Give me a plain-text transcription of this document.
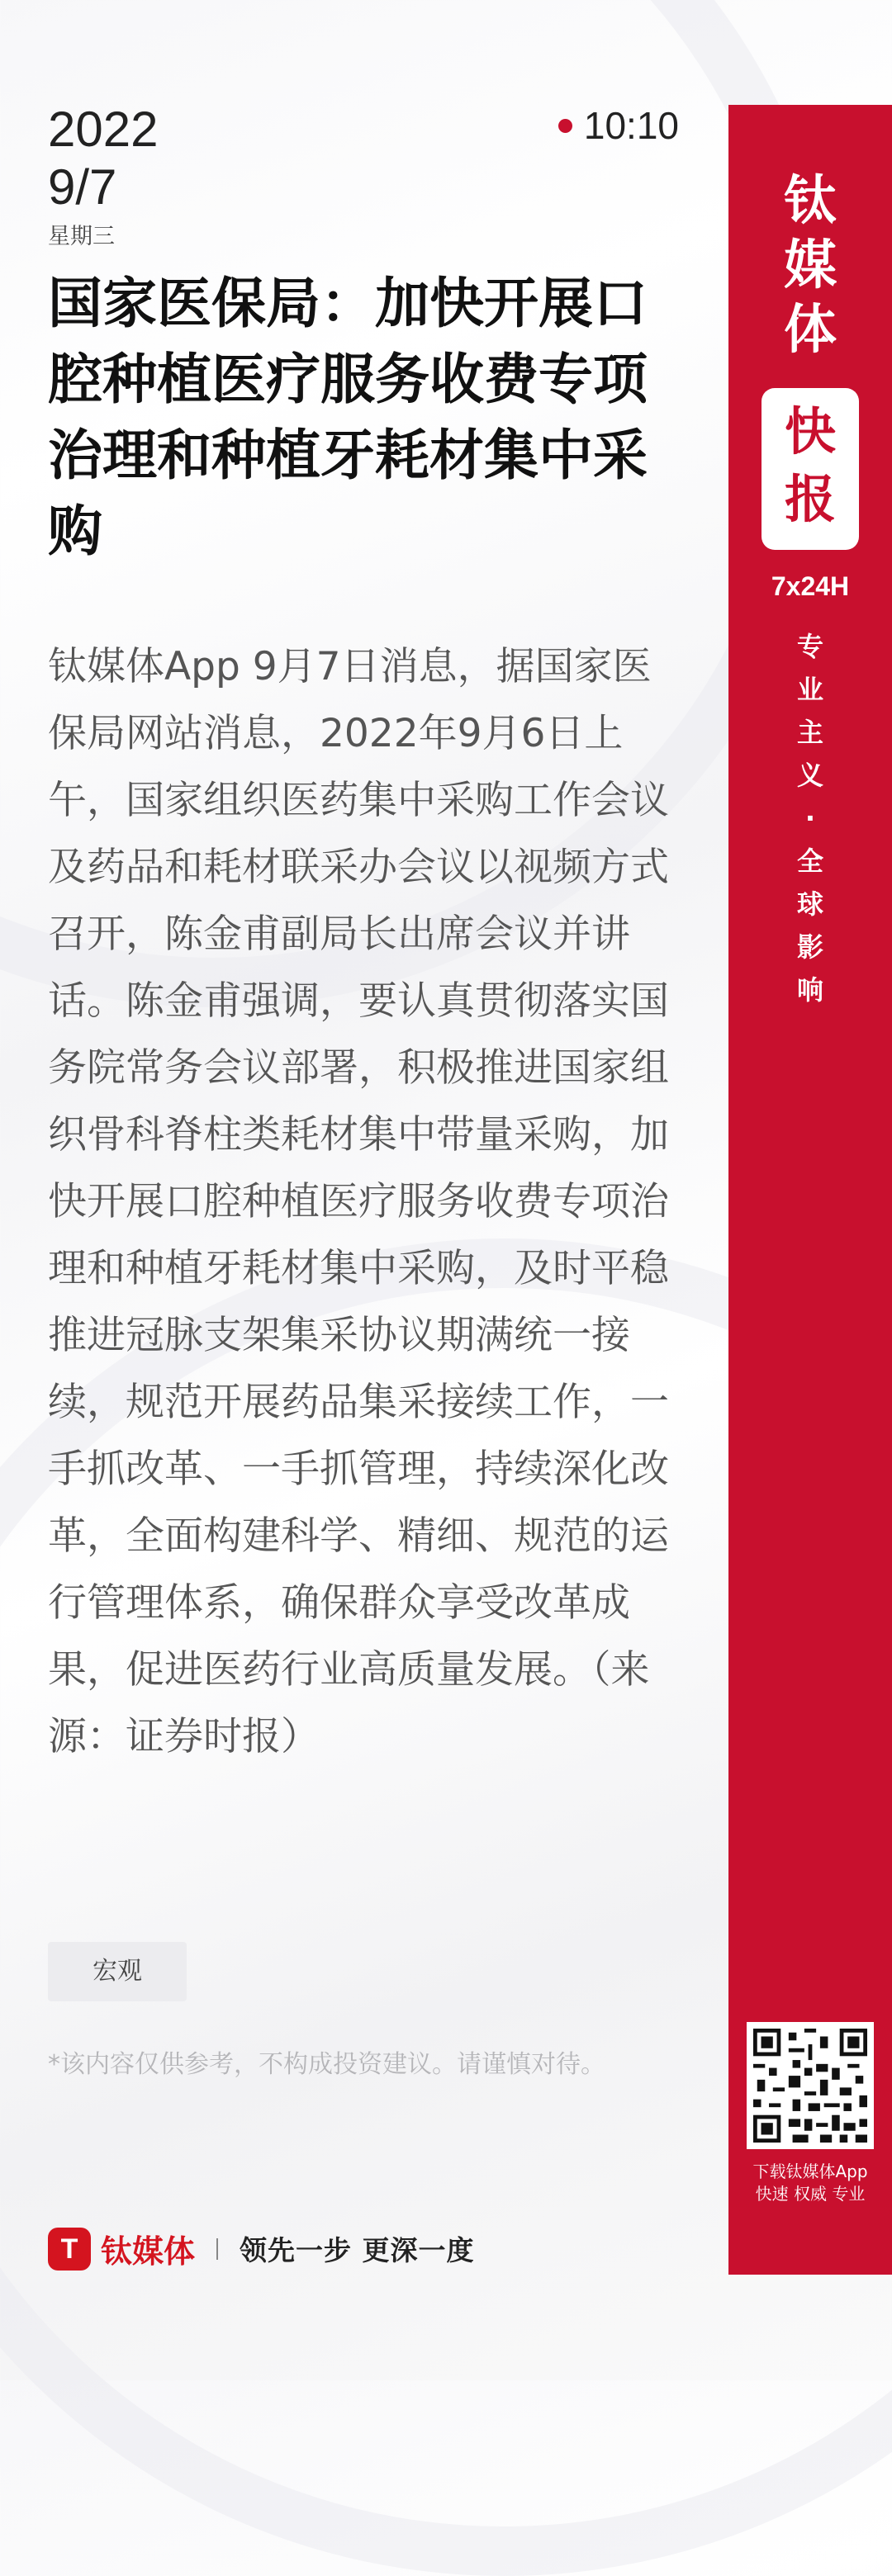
2022
9/7
星期三
10:10
国家医保局：加快开展口腔种植医疗服务收费专项治理和种植牙耗材集中采购

钛媒体App 9月7日消息，据国家医保局网站消息，2022年9月6日上午，国家组织医药集中采购工作会议及药品和耗材联采办会议以视频方式召开，陈金甫副局长出席会议并讲话。陈金甫强调，要认真贯彻落实国务院常务会议部署，积极推进国家组织骨科脊柱类耗材集中带量采购，加快开展口腔种植医疗服务收费专项治理和种植牙耗材集中采购，及时平稳推进冠脉支架集采协议期满统一接续，规范开展药品集采接续工作，一手抓改革、一手抓管理，持续深化改革，全面构建科学、精细、规范的运行管理体系，确保群众享受改革成果，促进医药行业高质量发展。（来源：证券时报）

宏观
*该内容仅供参考，不构成投资建议。请谨慎对待。
T 钛媒体 领先一步 更深一度
钛
媒
体
快
报
7x24H
专
业
主
义
·
全
球
影
响
下载钛媒体App
快速 权威 专业
